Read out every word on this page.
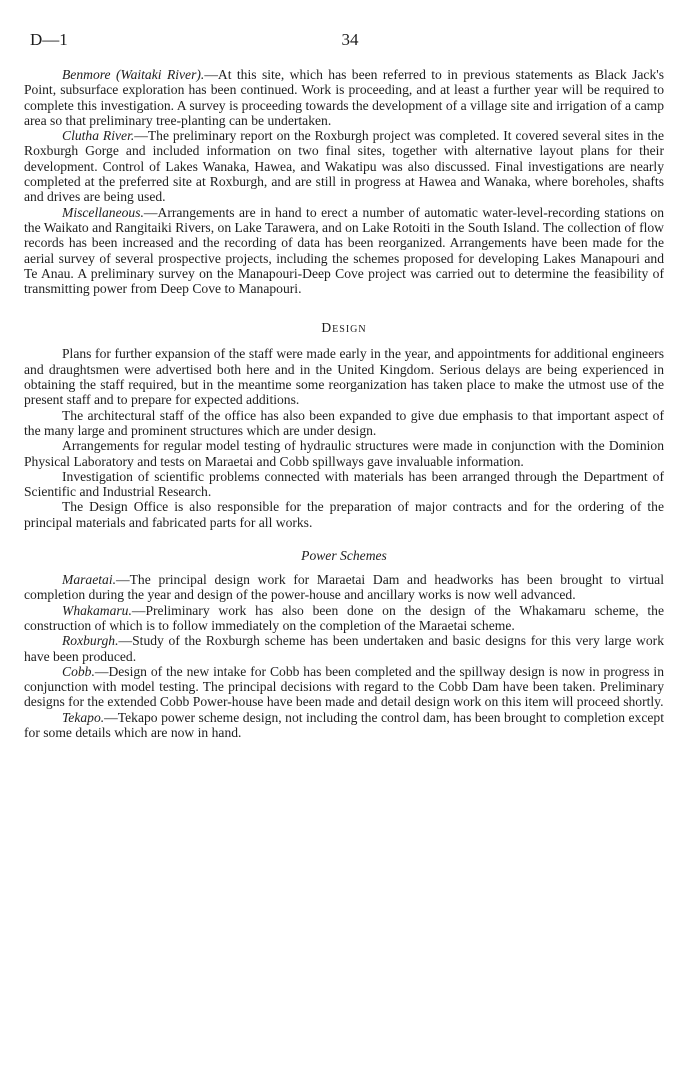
D—1	34

Benmore (Waitaki River).—At this site, which has been referred to in previous statements as Black Jack's Point, subsurface exploration has been continued. Work is proceeding, and at least a further year will be required to complete this investigation. A survey is proceeding towards the development of a village site and irrigation of a camp area so that preliminary tree-planting can be undertaken.

Clutha River.—The preliminary report on the Roxburgh project was completed. It covered several sites in the Roxburgh Gorge and included information on two final sites, together with alternative layout plans for their development. Control of Lakes Wanaka, Hawea, and Wakatipu was also discussed. Final investigations are nearly completed at the preferred site at Roxburgh, and are still in progress at Hawea and Wanaka, where boreholes, shafts and drives are being used.

Miscellaneous.—Arrangements are in hand to erect a number of automatic water-level-recording stations on the Waikato and Rangitaiki Rivers, on Lake Tarawera, and on Lake Rotoiti in the South Island. The collection of flow records has been increased and the recording of data has been reorganized. Arrangements have been made for the aerial survey of several prospective projects, including the schemes proposed for developing Lakes Manapouri and Te Anau. A preliminary survey on the Manapouri-Deep Cove project was carried out to determine the feasibility of transmitting power from Deep Cove to Manapouri.

Design

Plans for further expansion of the staff were made early in the year, and appointments for additional engineers and draughtsmen were advertised both here and in the United Kingdom. Serious delays are being experienced in obtaining the staff required, but in the meantime some reorganization has taken place to make the utmost use of the present staff and to prepare for expected additions.

The architectural staff of the office has also been expanded to give due emphasis to that important aspect of the many large and prominent structures which are under design.

Arrangements for regular model testing of hydraulic structures were made in conjunction with the Dominion Physical Laboratory and tests on Maraetai and Cobb spillways gave invaluable information.

Investigation of scientific problems connected with materials has been arranged through the Department of Scientific and Industrial Research.

The Design Office is also responsible for the preparation of major contracts and for the ordering of the principal materials and fabricated parts for all works.

Power Schemes

Maraetai.—The principal design work for Maraetai Dam and headworks has been brought to virtual completion during the year and design of the power-house and ancillary works is now well advanced.

Whakamaru.—Preliminary work has also been done on the design of the Whakamaru scheme, the construction of which is to follow immediately on the completion of the Maraetai scheme.

Roxburgh.—Study of the Roxburgh scheme has been undertaken and basic designs for this very large work have been produced.

Cobb.—Design of the new intake for Cobb has been completed and the spillway design is now in progress in conjunction with model testing. The principal decisions with regard to the Cobb Dam have been taken. Preliminary designs for the extended Cobb Power-house have been made and detail design work on this item will proceed shortly.

Tekapo.—Tekapo power scheme design, not including the control dam, has been brought to completion except for some details which are now in hand.
